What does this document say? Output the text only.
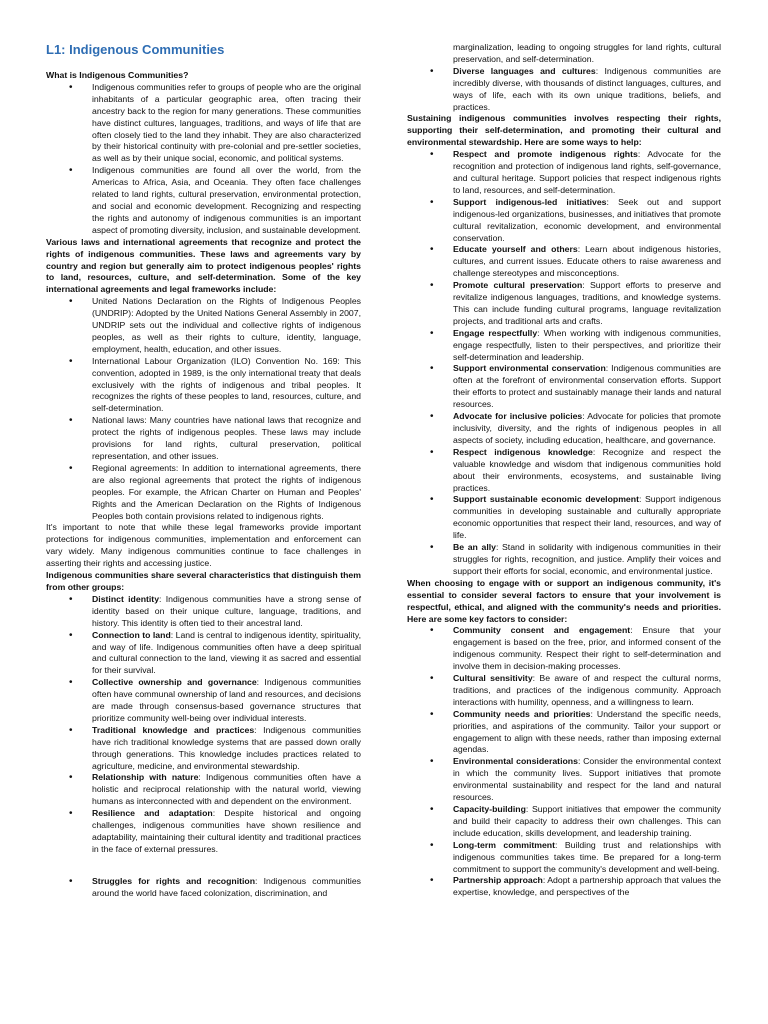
L1: Indigenous Communities

What is Indigenous Communities?

• Indigenous communities refer to groups of people who are the original inhabitants of a particular geographic area, often tracing their ancestry back to the region for many generations. These communities have distinct cultures, languages, traditions, and ways of life that are often closely tied to the land they inhabit. They are also characterized by their historical continuity with pre-colonial and pre-settler societies, as well as by their unique social, economic, and political systems.
• Indigenous communities are found all over the world, from the Americas to Africa, Asia, and Oceania. They often face challenges related to land rights, cultural preservation, environmental protection, and social and economic development. Recognizing and respecting the rights and autonomy of indigenous communities is an important aspect of promoting diversity, inclusion, and sustainable development.

Various laws and international agreements that recognize and protect the rights of indigenous communities. These laws and agreements vary by country and region but generally aim to protect indigenous peoples' rights to land, resources, culture, and self-determination. Some of the key international agreements and legal frameworks include:

• United Nations Declaration on the Rights of Indigenous Peoples (UNDRIP): Adopted by the United Nations General Assembly in 2007, UNDRIP sets out the individual and collective rights of indigenous peoples, as well as their rights to culture, identity, language, employment, health, education, and other issues.
• International Labour Organization (ILO) Convention No. 169: This convention, adopted in 1989, is the only international treaty that deals exclusively with the rights of indigenous and tribal peoples. It recognizes the rights of these peoples to land, resources, culture, and self-determination.
• National laws: Many countries have national laws that recognize and protect the rights of indigenous peoples. These laws may include provisions for land rights, cultural preservation, political representation, and other issues.
• Regional agreements: In addition to international agreements, there are also regional agreements that protect the rights of indigenous peoples. For example, the African Charter on Human and Peoples' Rights and the American Declaration on the Rights of Indigenous Peoples both contain provisions related to indigenous rights.

It's important to note that while these legal frameworks provide important protections for indigenous communities, implementation and enforcement can vary widely. Many indigenous communities continue to face challenges in asserting their rights and accessing justice.

Indigenous communities share several characteristics that distinguish them from other groups:

• Distinct identity: Indigenous communities have a strong sense of identity based on their unique culture, language, traditions, and history. This identity is often tied to their ancestral land.
• Connection to land: Land is central to indigenous identity, spirituality, and way of life. Indigenous communities often have a deep spiritual and cultural connection to the land, viewing it as sacred and essential for their survival.
• Collective ownership and governance: Indigenous communities often have communal ownership of land and resources, and decisions are made through consensus-based governance structures that prioritize community well-being over individual interests.
• Traditional knowledge and practices: Indigenous communities have rich traditional knowledge systems that are passed down orally through generations. This knowledge includes practices related to agriculture, medicine, and environmental stewardship.
• Relationship with nature: Indigenous communities often have a holistic and reciprocal relationship with the natural world, viewing humans as interconnected with and dependent on the environment.
• Resilience and adaptation: Despite historical and ongoing challenges, indigenous communities have shown resilience and adaptability, maintaining their cultural identity and traditional practices in the face of external pressures.
• Struggles for rights and recognition: Indigenous communities around the world have faced colonization, discrimination, and

marginalization, leading to ongoing struggles for land rights, cultural preservation, and self-determination.

• Diverse languages and cultures: Indigenous communities are incredibly diverse, with thousands of distinct languages, cultures, and ways of life, each with its own unique traditions, beliefs, and practices.

Sustaining indigenous communities involves respecting their rights, supporting their self-determination, and promoting their cultural and environmental stewardship. Here are some ways to help:

• Respect and promote indigenous rights: Advocate for the recognition and protection of indigenous land rights, self-governance, and cultural heritage. Support policies that respect indigenous rights to land, resources, and self-determination.
• Support indigenous-led initiatives: Seek out and support indigenous-led organizations, businesses, and initiatives that promote cultural revitalization, economic development, and environmental conservation.
• Educate yourself and others: Learn about indigenous histories, cultures, and current issues. Educate others to raise awareness and challenge stereotypes and misconceptions.
• Promote cultural preservation: Support efforts to preserve and revitalize indigenous languages, traditions, and knowledge systems. This can include funding cultural programs, language revitalization projects, and traditional arts and crafts.
• Engage respectfully: When working with indigenous communities, engage respectfully, listen to their perspectives, and prioritize their self-determination and leadership.
• Support environmental conservation: Indigenous communities are often at the forefront of environmental conservation efforts. Support their efforts to protect and sustainably manage their lands and natural resources.
• Advocate for inclusive policies: Advocate for policies that promote inclusivity, diversity, and the rights of indigenous peoples in all aspects of society, including education, healthcare, and governance.
• Respect indigenous knowledge: Recognize and respect the valuable knowledge and wisdom that indigenous communities hold about their environments, ecosystems, and sustainable living practices.
• Support sustainable economic development: Support indigenous communities in developing sustainable and culturally appropriate economic opportunities that respect their land, resources, and way of life.
• Be an ally: Stand in solidarity with indigenous communities in their struggles for rights, recognition, and justice. Amplify their voices and support their efforts for social, economic, and environmental justice.

When choosing to engage with or support an indigenous community, it's essential to consider several factors to ensure that your involvement is respectful, ethical, and aligned with the community's needs and priorities. Here are some key factors to consider:

• Community consent and engagement: Ensure that your engagement is based on the free, prior, and informed consent of the indigenous community. Respect their right to self-determination and involve them in decision-making processes.
• Cultural sensitivity: Be aware of and respect the cultural norms, traditions, and practices of the indigenous community. Approach interactions with humility, openness, and a willingness to learn.
• Community needs and priorities: Understand the specific needs, priorities, and aspirations of the community. Tailor your support or engagement to align with these needs, rather than imposing external agendas.
• Environmental considerations: Consider the environmental context in which the community lives. Support initiatives that promote environmental sustainability and respect for the land and natural resources.
• Capacity-building: Support initiatives that empower the community and build their capacity to address their own challenges. This can include education, skills development, and leadership training.
• Long-term commitment: Building trust and relationships with indigenous communities takes time. Be prepared for a long-term commitment to support the community's development and well-being.
• Partnership approach: Adopt a partnership approach that values the expertise, knowledge, and perspectives of the
